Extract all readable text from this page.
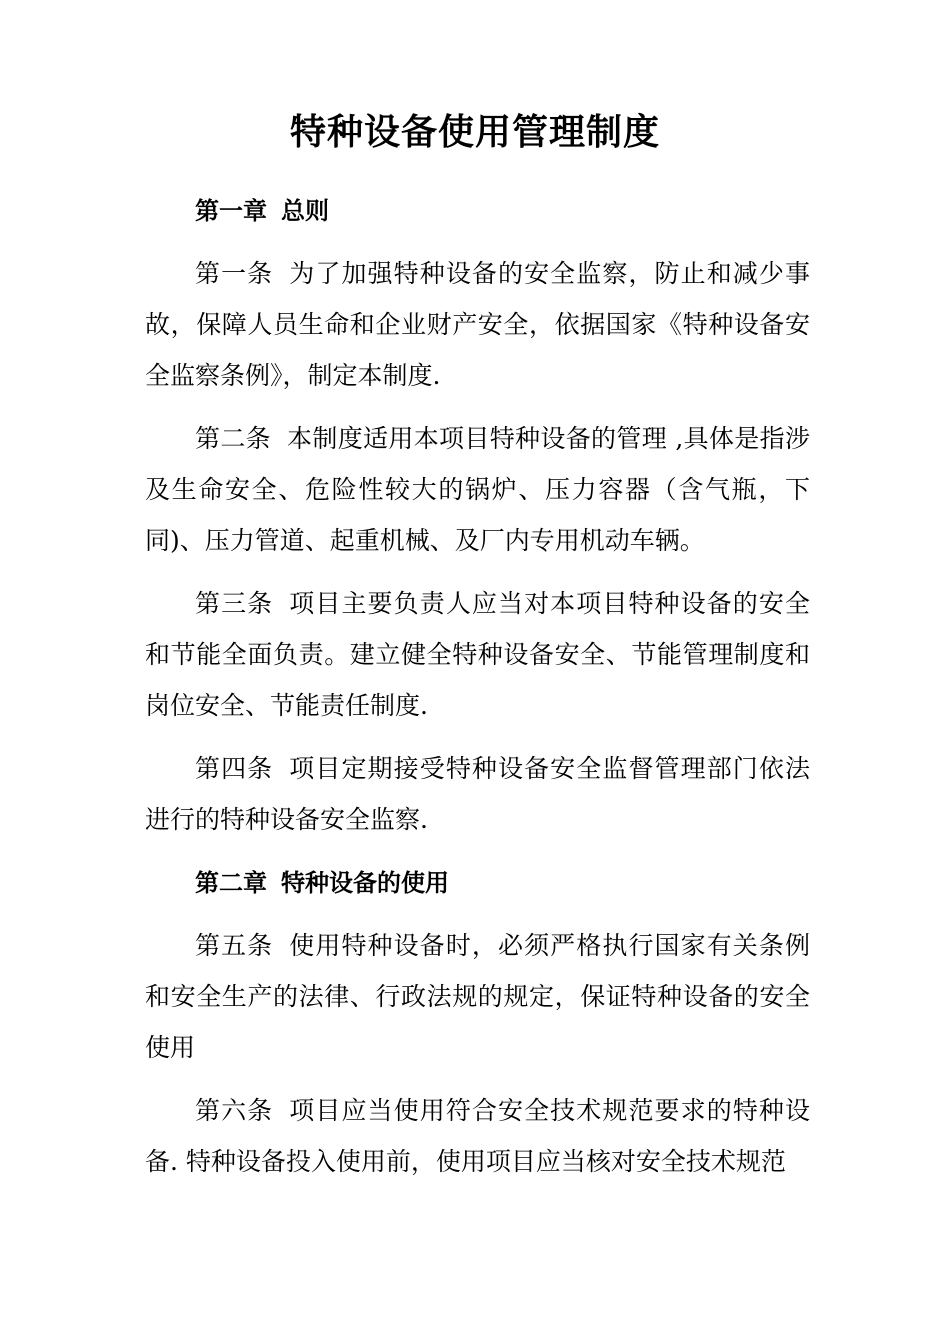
特种设备使用管理制度
第一章 总则

第一条 为了加强特种设备的安全监察，防止和减少事故，保障人员生命和企业财产安全，依据国家《特种设备安全监察条例》，制定本制度.

第二条 本制度适用本项目特种设备的管理 ,具体是指涉及生命安全、危险性较大的锅炉、压力容器（含气瓶，下同)、压力管道、起重机械、及厂内专用机动车辆。

第三条 项目主要负责人应当对本项目特种设备的安全和节能全面负责。建立健全特种设备安全、节能管理制度和岗位安全、节能责任制度.

第四条 项目定期接受特种设备安全监督管理部门依法进行的特种设备安全监察.

第二章 特种设备的使用

第五条 使用特种设备时，必须严格执行国家有关条例和安全生产的法律、行政法规的规定，保证特种设备的安全使用

第六条 项目应当使用符合安全技术规范要求的特种设备. 特种设备投入使用前，使用项目应当核对安全技术规范
